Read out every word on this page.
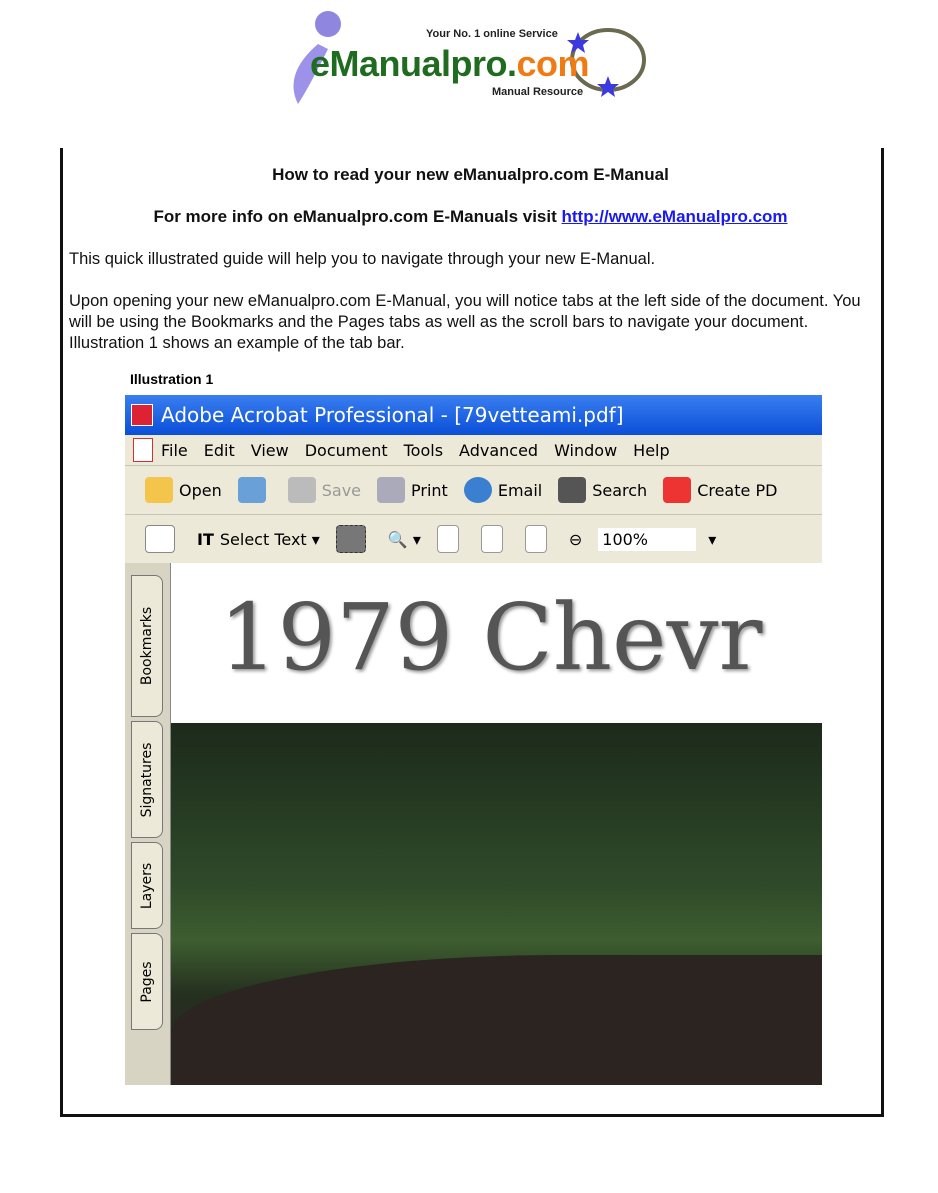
Your No. 1 online Service
eManualpro.com
Manual Resource
How to read your new eManualpro.com E-Manual
For more info on eManualpro.com E-Manuals visit http://www.eManualpro.com
This quick illustrated guide will help you to navigate through your new E-Manual.
Upon opening your new eManualpro.com E-Manual, you will notice tabs at the left side of the document. You will be using the Bookmarks and the Pages tabs as well as the scroll bars to navigate your document. Illustration 1 shows an example of the tab bar.
Illustration 1
Adobe Acrobat Professional - [79vetteami.pdf]
File Edit View Document Tools Advanced Window Help
Open	Save	Print	Email	Search	Create PD
IT Select Text ▾	🔍 ▾	⊖ 100%	▾
Bookmarks
Signatures
Layers
Pages
1979 Chevr
